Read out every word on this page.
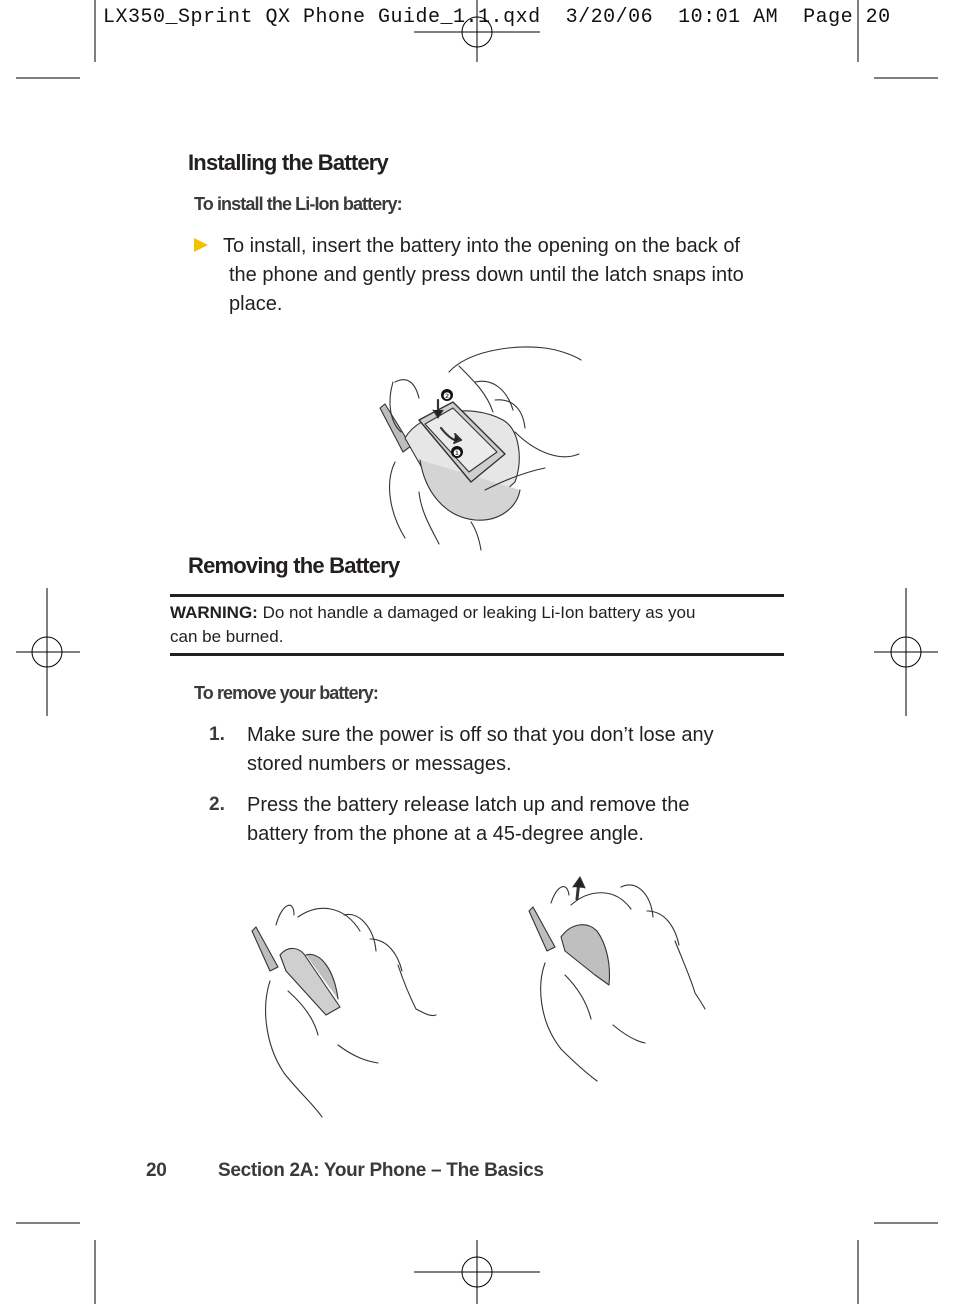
LX350_Sprint QX Phone Guide_1.1.qxd 3/20/06 10:01 AM Page 20
Installing the Battery
To install the Li-Ion battery:
To install, insert the battery into the opening on the back of
the phone and gently press down until the latch snaps into
place.
❷
❶
Removing the Battery
WARNING: Do not handle a damaged or leaking Li-Ion battery as you
can be burned.
To remove your battery:
1. Make sure the power is off so that you don’t lose any
stored numbers or messages.
2. Press the battery release latch up and remove the
battery from the phone at a 45-degree angle.
20	Section 2A: Your Phone – The Basics
